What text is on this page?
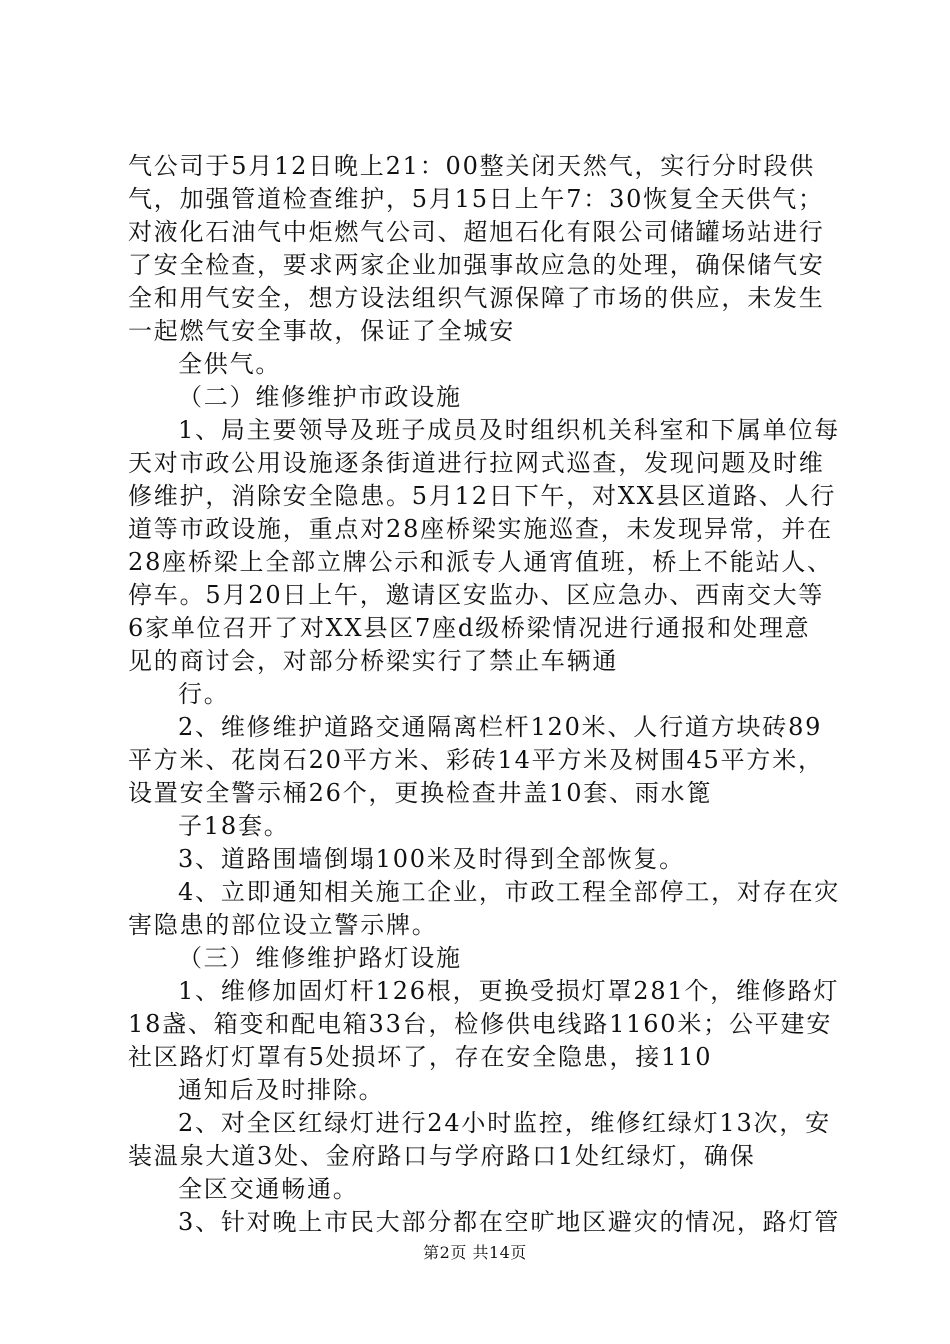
气公司于5月12日晚上21：00整关闭天然气，实行分时段供
气，加强管道检查维护，5月15日上午7：30恢复全天供气；
对液化石油气中炬燃气公司、超旭石化有限公司储罐场站进行
了安全检查，要求两家企业加强事故应急的处理，确保储气安
全和用气安全，想方设法组织气源保障了市场的供应，未发生
一起燃气安全事故，保证了全城安
全供气。
（二）维修维护市政设施
1、局主要领导及班子成员及时组织机关科室和下属单位每
天对市政公用设施逐条街道进行拉网式巡查，发现问题及时维
修维护，消除安全隐患。5月12日下午，对XX县区道路、人行
道等市政设施，重点对28座桥梁实施巡查，未发现异常，并在
28座桥梁上全部立牌公示和派专人通宵值班，桥上不能站人、
停车。5月20日上午，邀请区安监办、区应急办、西南交大等
6家单位召开了对XX县区7座d级桥梁情况进行通报和处理意
见的商讨会，对部分桥梁实行了禁止车辆通
行。
2、维修维护道路交通隔离栏杆120米、人行道方块砖89
平方米、花岗石20平方米、彩砖14平方米及树围45平方米，
设置安全警示桶26个，更换检查井盖10套、雨水篦
子18套。
3、道路围墙倒塌100米及时得到全部恢复。
4、立即通知相关施工企业，市政工程全部停工，对存在灾
害隐患的部位设立警示牌。
（三）维修维护路灯设施
1、维修加固灯杆126根，更换受损灯罩281个，维修路灯
18盏、箱变和配电箱33台，检修供电线路1160米；公平建安
社区路灯灯罩有5处损坏了，存在安全隐患，接110
通知后及时排除。
2、对全区红绿灯进行24小时监控，维修红绿灯13次，安
装温泉大道3处、金府路口与学府路口1处红绿灯，确保
全区交通畅通。
3、针对晚上市民大部分都在空旷地区避灾的情况，路灯管
第2页 共14页
